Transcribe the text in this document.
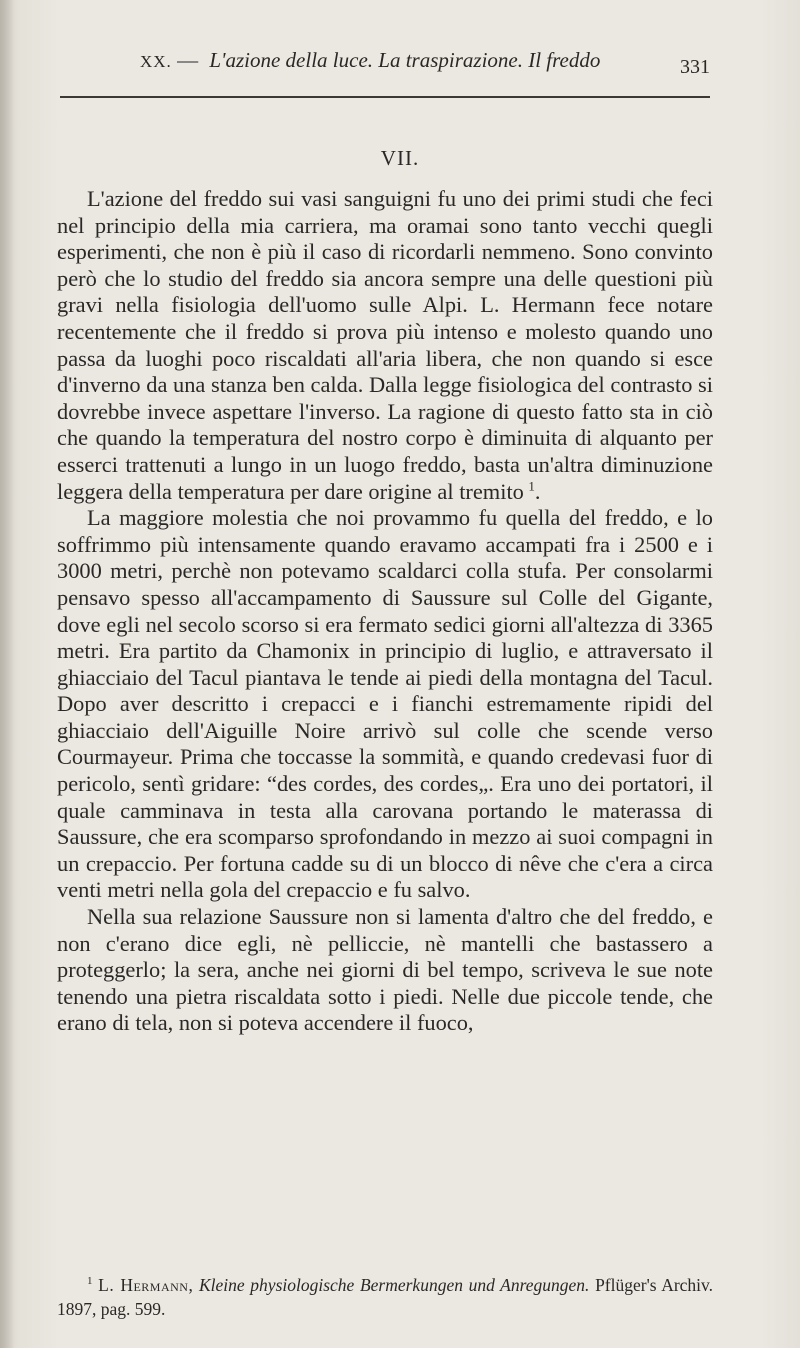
XX. — L'azione della luce. La traspirazione. Il freddo	331
VII.

L'azione del freddo sui vasi sanguigni fu uno dei primi studi che feci nel principio della mia carriera, ma oramai sono tanto vecchi quegli esperimenti, che non è più il caso di ricordarli nemmeno. Sono convinto però che lo studio del freddo sia ancora sempre una delle questioni più gravi nella fisiologia dell'uomo sulle Alpi. L. Hermann fece notare recentemente che il freddo si prova più intenso e molesto quando uno passa da luoghi poco riscaldati all'aria libera, che non quando si esce d'inverno da una stanza ben calda. Dalla legge fisiologica del contrasto si dovrebbe invece aspettare l'inverso. La ragione di questo fatto sta in ciò che quando la temperatura del nostro corpo è diminuita di alquanto per esserci trattenuti a lungo in un luogo freddo, basta un'altra diminuzione leggera della temperatura per dare origine al tremito  $^1$.

La maggiore molestia che noi provammo fu quella del freddo, e lo soffrimmo più intensamente quando eravamo accampati fra i 2500 e i 3000 metri, perchè non potevamo scaldarci colla stufa. Per consolarmi pensavo spesso all'accampamento di Saussure sul Colle del Gigante, dove egli nel secolo scorso si era fermato sedici giorni all'altezza di 3365 metri. Era partito da Chamonix in principio di luglio, e attraversato il ghiacciaio del Tacul piantava le tende ai piedi della montagna del Tacul. Dopo aver descritto i crepacci e i fianchi estremamente ripidi del ghiacciaio dell'Aiguille Noire arrivò sul colle che scende verso Courmayeur. Prima che toccasse la sommità, e quando credevasi fuor di pericolo, sentì gridare: “des cordes, des cordes„. Era uno dei portatori, il quale camminava in testa alla carovana portando le materassa di Saussure, che era scomparso sprofondando in mezzo ai suoi compagni in un crepaccio. Per fortuna cadde su di un blocco di nêve che c'era a circa venti metri nella gola del crepaccio e fu salvo.

Nella sua relazione Saussure non si lamenta d'altro che del freddo, e non c'erano dice egli, nè pelliccie, nè mantelli che bastassero a proteggerlo; la sera, anche nei giorni di bel tempo, scriveva le sue note tenendo una pietra riscaldata sotto i piedi. Nelle due piccole tende, che erano di tela, non si poteva accendere il fuoco,

$^1$ L. Hermann, Kleine physiologische Bermerkungen und Anregungen. Pflüger's Archiv. 1897, pag. 599.
